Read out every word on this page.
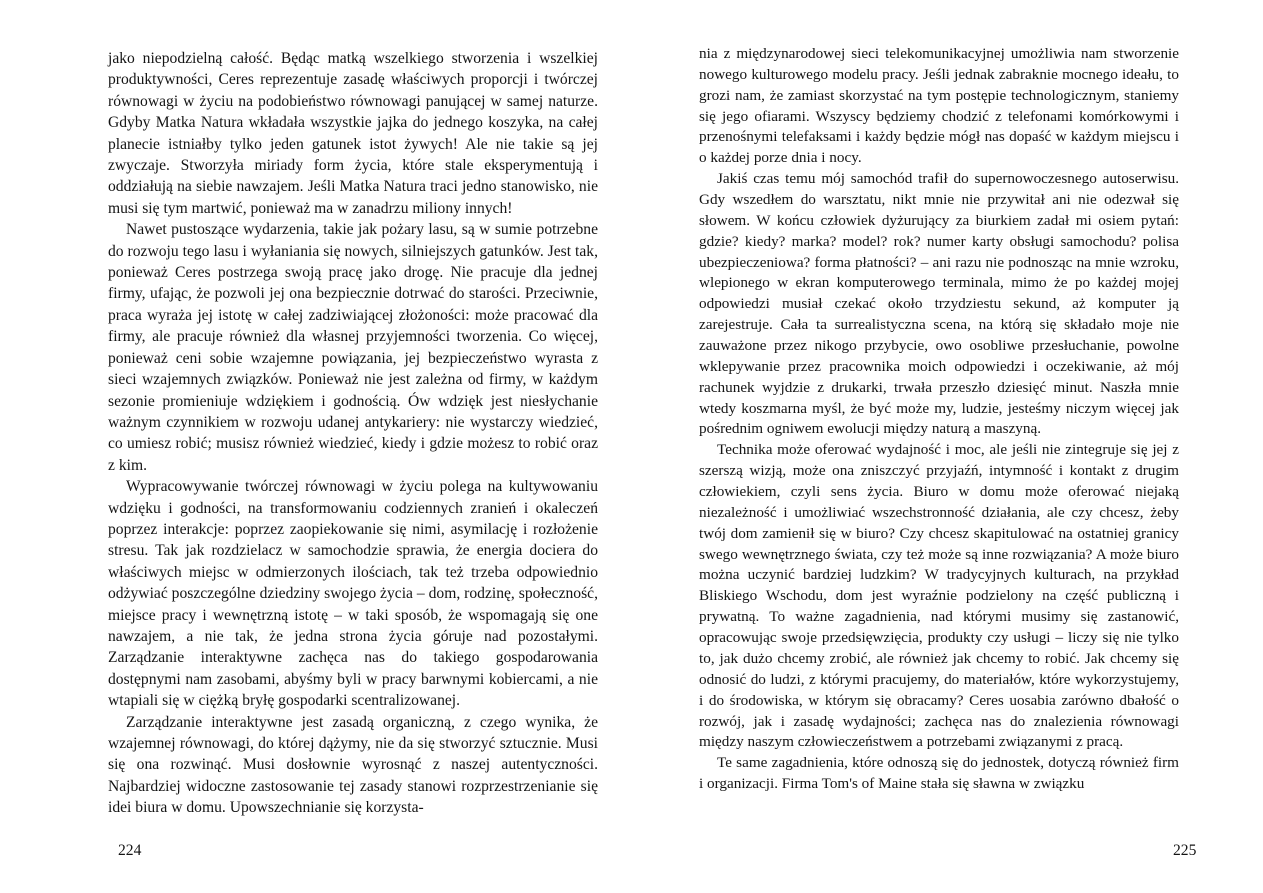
jako niepodzielną całość. Będąc matką wszelkiego stworzenia i wszelkiej produktywności, Ceres reprezentuje zasadę właściwych proporcji i twórczej równowagi w życiu na podobieństwo równowagi panującej w samej naturze. Gdyby Matka Natura wkładała wszystkie jajka do jednego koszyka, na całej planecie istniałby tylko jeden gatunek istot żywych! Ale nie takie są jej zwyczaje. Stworzyła miriady form życia, które stale eksperymentują i oddziałują na siebie nawzajem. Jeśli Matka Natura traci jedno stanowisko, nie musi się tym martwić, ponieważ ma w zanadrzu miliony innych!

Nawet pustoszące wydarzenia, takie jak pożary lasu, są w sumie potrzebne do rozwoju tego lasu i wyłaniania się nowych, silniejszych gatunków. Jest tak, ponieważ Ceres postrzega swoją pracę jako drogę. Nie pracuje dla jednej firmy, ufając, że pozwoli jej ona bezpiecznie dotrwać do starości. Przeciwnie, praca wyraża jej istotę w całej zadziwiającej złożoności: może pracować dla firmy, ale pracuje również dla własnej przyjemności tworzenia. Co więcej, ponieważ ceni sobie wzajemne powiązania, jej bezpieczeństwo wyrasta z sieci wzajemnych związków. Ponieważ nie jest zależna od firmy, w każdym sezonie promieniuje wdziękiem i godnością. Ów wdzięk jest niesłychanie ważnym czynnikiem w rozwoju udanej antykariery: nie wystarczy wiedzieć, co umiesz robić; musisz również wiedzieć, kiedy i gdzie możesz to robić oraz z kim.

Wypracowywanie twórczej równowagi w życiu polega na kultywowaniu wdzięku i godności, na transformowaniu codziennych zranień i okaleczeń poprzez interakcje: poprzez zaopiekowanie się nimi, asymilację i rozłożenie stresu. Tak jak rozdzielacz w samochodzie sprawia, że energia dociera do właściwych miejsc w odmierzonych ilościach, tak też trzeba odpowiednio odżywiać poszczególne dziedziny swojego życia – dom, rodzinę, społeczność, miejsce pracy i wewnętrzną istotę – w taki sposób, że wspomagają się one nawzajem, a nie tak, że jedna strona życia góruje nad pozostałymi. Zarządzanie interaktywne zachęca nas do takiego gospodarowania dostępnymi nam zasobami, abyśmy byli w pracy barwnymi kobiercami, a nie wtapiali się w ciężką bryłę gospodarki scentralizowanej.

Zarządzanie interaktywne jest zasadą organiczną, z czego wynika, że wzajemnej równowagi, do której dążymy, nie da się stworzyć sztucznie. Musi się ona rozwinąć. Musi dosłownie wyrosnąć z naszej autentyczności. Najbardziej widoczne zastosowanie tej zasady stanowi rozprzestrzenianie się idei biura w domu. Upowszechnianie się korzysta-

224

nia z międzynarodowej sieci telekomunikacyjnej umożliwia nam stworzenie nowego kulturowego modelu pracy. Jeśli jednak zabraknie mocnego ideału, to grozi nam, że zamiast skorzystać na tym postępie technologicznym, staniemy się jego ofiarami. Wszyscy będziemy chodzić z telefonami komórkowymi i przenośnymi telefaksami i każdy będzie mógł nas dopaść w każdym miejscu i o każdej porze dnia i nocy.

Jakiś czas temu mój samochód trafił do supernowoczesnego autoserwisu. Gdy wszedłem do warsztatu, nikt mnie nie przywitał ani nie odezwał się słowem. W końcu człowiek dyżurujący za biurkiem zadał mi osiem pytań: gdzie? kiedy? marka? model? rok? numer karty obsługi samochodu? polisa ubezpieczeniowa? forma płatności? – ani razu nie podnosząc na mnie wzroku, wlepionego w ekran komputerowego terminala, mimo że po każdej mojej odpowiedzi musiał czekać około trzydziestu sekund, aż komputer ją zarejestruje. Cała ta surrealistyczna scena, na którą się składało moje nie zauważone przez nikogo przybycie, owo osobliwe przesłuchanie, powolne wklepywanie przez pracownika moich odpowiedzi i oczekiwanie, aż mój rachunek wyjdzie z drukarki, trwała przeszło dziesięć minut. Naszła mnie wtedy koszmarna myśl, że być może my, ludzie, jesteśmy niczym więcej jak pośrednim ogniwem ewolucji między naturą a maszyną.

Technika może oferować wydajność i moc, ale jeśli nie zintegruje się jej z szerszą wizją, może ona zniszczyć przyjaźń, intymność i kontakt z drugim człowiekiem, czyli sens życia. Biuro w domu może oferować niejaką niezależność i umożliwiać wszechstronność działania, ale czy chcesz, żeby twój dom zamienił się w biuro? Czy chcesz skapitulować na ostatniej granicy swego wewnętrznego świata, czy też może są inne rozwiązania? A może biuro można uczynić bardziej ludzkim? W tradycyjnych kulturach, na przykład Bliskiego Wschodu, dom jest wyraźnie podzielony na część publiczną i prywatną. To ważne zagadnienia, nad którymi musimy się zastanowić, opracowując swoje przedsięwzięcia, produkty czy usługi – liczy się nie tylko to, jak dużo chcemy zrobić, ale również jak chcemy to robić. Jak chcemy się odnosić do ludzi, z którymi pracujemy, do materiałów, które wykorzystujemy, i do środowiska, w którym się obracamy? Ceres uosabia zarówno dbałość o rozwój, jak i zasadę wydajności; zachęca nas do znalezienia równowagi między naszym człowieczeństwem a potrzebami związanymi z pracą.

Te same zagadnienia, które odnoszą się do jednostek, dotyczą również firm i organizacji. Firma Tom's of Maine stała się sławna w związku

225
